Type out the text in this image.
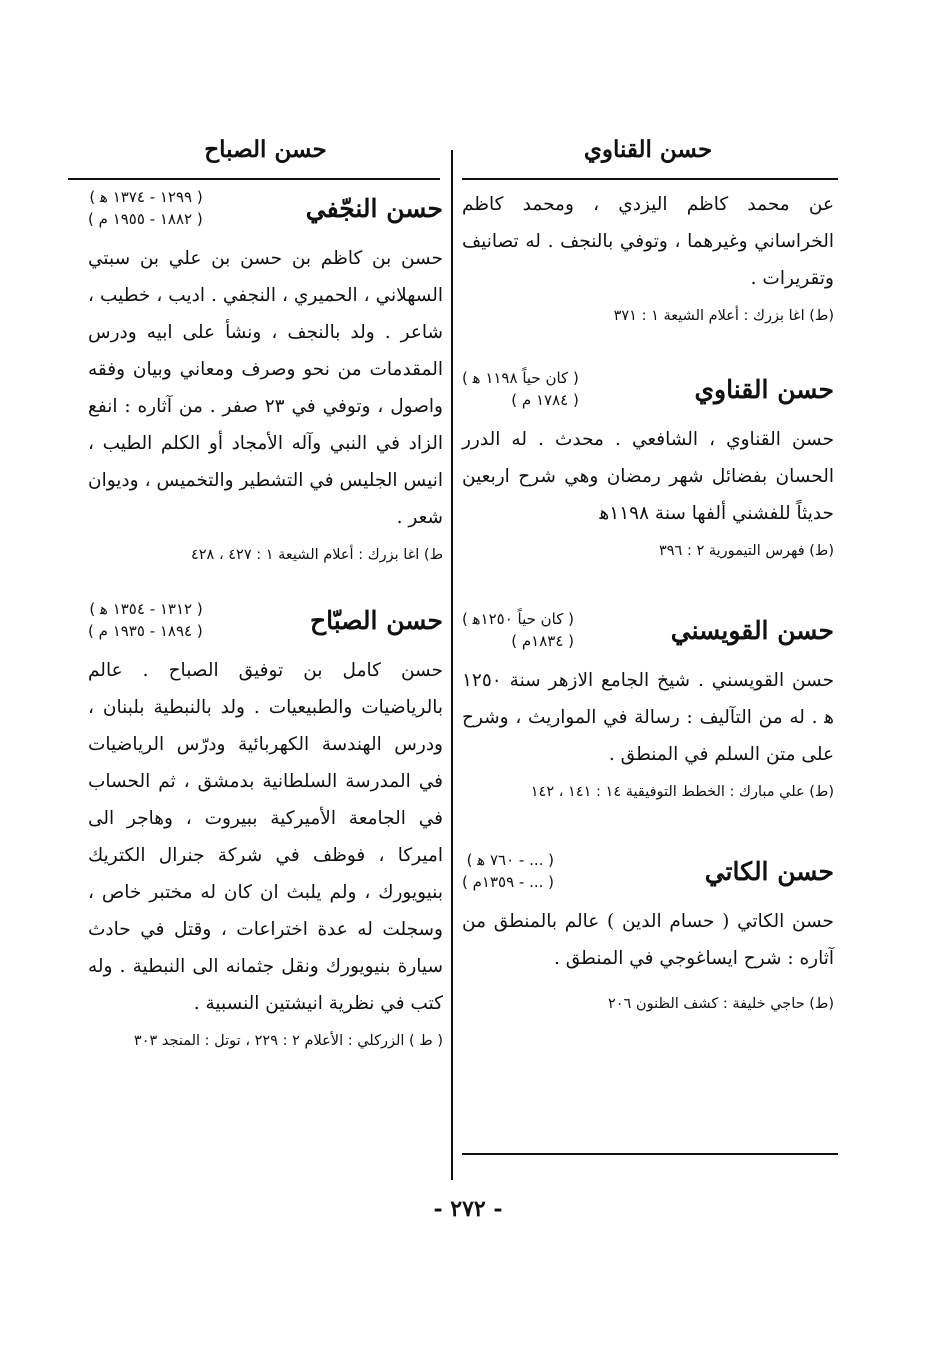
حسن القناوي
حسن الصباح

عن محمد كاظم اليزدي ، ومحمد كاظم الخراساني وغيرهما ، وتوفي بالنجف . له تصانيف وتقريرات .

(ط) اغا بزرك : أعلام الشيعة ١ : ٣٧١

حسن القناوي
( كان حياً ١١٩٨ ﻫ )
( ١٧٨٤ م )

حسن القناوي ، الشافعي . محدث . له الدرر الحسان بفضائل شهر رمضان وهي شرح اربعين حديثاً للفشني ألفها سنة ١١٩٨ﻫ

(ط) فهرس التيمورية ٢ : ٣٩٦

حسن القويسني
( كان حياً ١٢٥٠ﻫ )
( ١٨٣٤م )

حسن القويسني . شيخ الجامع الازهر سنة ١٢٥٠ ﻫ . له من التآليف : رسالة في المواريث ، وشرح على متن السلم في المنطق .

(ط) علي مبارك : الخطط التوفيقية ١٤ : ١٤١ ، ١٤٢

حسن الكاتي
( ... - ٧٦٠ ﻫ )
( ... - ١٣٥٩م )

حسن الكاتي ( حسام الدين ) عالم بالمنطق من آثاره : شرح ايساغوجي في المنطق .

(ط) حاجي خليفة : كشف الظنون ٢٠٦

حسن النجّفي
( ١٢٩٩ - ١٣٧٤ ﻫ )
( ١٨٨٢ - ١٩٥٥ م )

حسن بن كاظم بن حسن بن علي بن سبتي السهلاني ، الحميري ، النجفي . اديب ، خطيب ، شاعر . ولد بالنجف ، ونشأ على ابيه ودرس المقدمات من نحو وصرف ومعاني وبيان وفقه واصول ، وتوفي في ٢٣ صفر . من آثاره : انفع الزاد في النبي وآله الأمجاد أو الكلم الطيب ، انيس الجليس في التشطير والتخميس ، وديوان شعر .

ط) اغا بزرك : أعلام الشيعة ١ : ٤٢٧ ، ٤٢٨

حسن الصبّاح
( ١٣١٢ - ١٣٥٤ ﻫ )
( ١٨٩٤ - ١٩٣٥ م )

حسن كامل بن توفيق الصباح . عالم بالرياضيات والطبيعيات . ولد بالنبطية بلبنان ، ودرس الهندسة الكهربائية ودرّس الرياضيات في المدرسة السلطانية بدمشق ، ثم الحساب في الجامعة الأميركية ببيروت ، وهاجر الى اميركا ، فوظف في شركة جنرال الكتريك بنيويورك ، ولم يلبث ان كان له مختبر خاص ، وسجلت له عدة اختراعات ، وقتل في حادث سيارة بنيويورك ونقل جثمانه الى النبطية . وله كتب في نظرية انيشتين النسبية .

( ط ) الزركلي : الأعلام ٢ : ٢٢٩ ، توتل : المنجد ٣٠٣

- ٢٧٢ -
